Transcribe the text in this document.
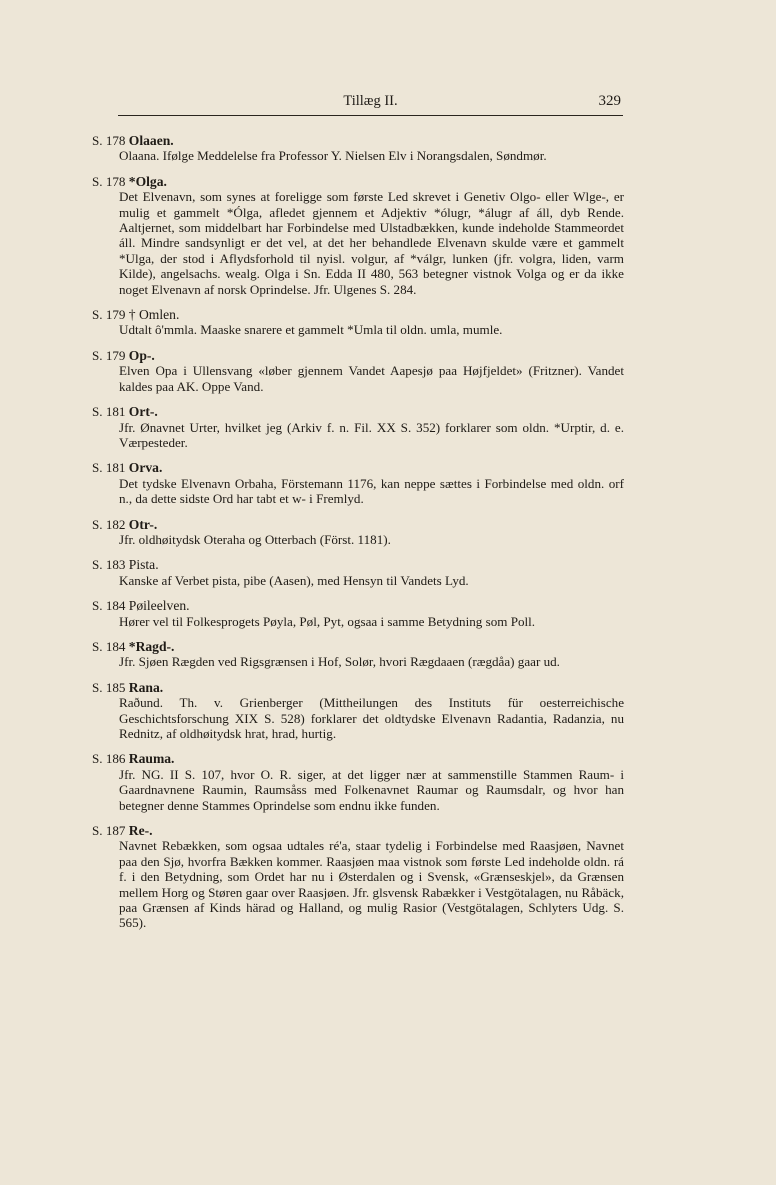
Tillæg II.	329
S. 178 Olaaen.
Olaana. Ifølge Meddelelse fra Professor Y. Nielsen Elv i Norangsdalen, Søndmør.
S. 178 *Olga.
Det Elvenavn, som synes at foreligge som første Led skrevet i Genetiv Olgo- eller Wlge-, er mulig et gammelt *Ólga, afledet gjennem et Adjektiv *ólugr, *álugr af áll, dyb Rende. Aaltjernet, som middelbart har Forbindelse med Ulstadbækken, kunde indeholde Stammeordet áll. Mindre sandsynligt er det vel, at det her behandlede Elvenavn skulde være et gammelt *Ulga, der stod i Aflydsforhold til nyisl. volgur, af *válgr, lunken (jfr. volgra, liden, varm Kilde), angelsachs. wealg. Olga i Sn. Edda II 480, 563 betegner vistnok Volga og er da ikke noget Elvenavn af norsk Oprindelse. Jfr. Ulgenes S. 284.
S. 179 † Omlen.
Udtalt ô'mmla. Maaske snarere et gammelt *Umla til oldn. umla, mumle.
S. 179 Op-.
Elven Opa i Ullensvang «løber gjennem Vandet Aapesjø paa Højfjeldet» (Fritzner). Vandet kaldes paa AK. Oppe Vand.
S. 181 Ort-.
Jfr. Ønavnet Urter, hvilket jeg (Arkiv f. n. Fil. XX S. 352) forklarer som oldn. *Urptir, d. e. Værpesteder.
S. 181 Orva.
Det tydske Elvenavn Orbaha, Förstemann 1176, kan neppe sættes i Forbindelse med oldn. orf n., da dette sidste Ord har tabt et w- i Fremlyd.
S. 182 Otr-.
Jfr. oldhøitydsk Oteraha og Otterbach (Först. 1181).
S. 183 Pista.
Kanske af Verbet pista, pibe (Aasen), med Hensyn til Vandets Lyd.
S. 184 Pøileelven.
Hører vel til Folkesprogets Pøyla, Pøl, Pyt, ogsaa i samme Betydning som Poll.
S. 184 *Ragd-.
Jfr. Sjøen Rægden ved Rigsgrænsen i Hof, Solør, hvori Rægdaaen (rægdåa) gaar ud.
S. 185 Rana.
Raðund. Th. v. Grienberger (Mittheilungen des Instituts für oesterreichische Geschichtsforschung XIX S. 528) forklarer det oldtydske Elvenavn Radantia, Radanzia, nu Rednitz, af oldhøitydsk hrat, hrad, hurtig.
S. 186 Rauma.
Jfr. NG. II S. 107, hvor O. R. siger, at det ligger nær at sammenstille Stammen Raum- i Gaardnavnene Raumin, Raumsåss med Folkenavnet Raumar og Raumsdalr, og hvor han betegner denne Stammes Oprindelse som endnu ikke funden.
S. 187 Re-.
Navnet Rebækken, som ogsaa udtales ré'a, staar tydelig i Forbindelse med Raasjøen, Navnet paa den Sjø, hvorfra Bækken kommer. Raasjøen maa vistnok som første Led indeholde oldn. rá f. i den Betydning, som Ordet har nu i Østerdalen og i Svensk, «Grænseskjel», da Grænsen mellem Horg og Støren gaar over Raasjøen. Jfr. glsvensk Rabækker i Vestgötalagen, nu Råbäck, paa Grænsen af Kinds härad og Halland, og mulig Rasior (Vestgötalagen, Schlyters Udg. S. 565).
